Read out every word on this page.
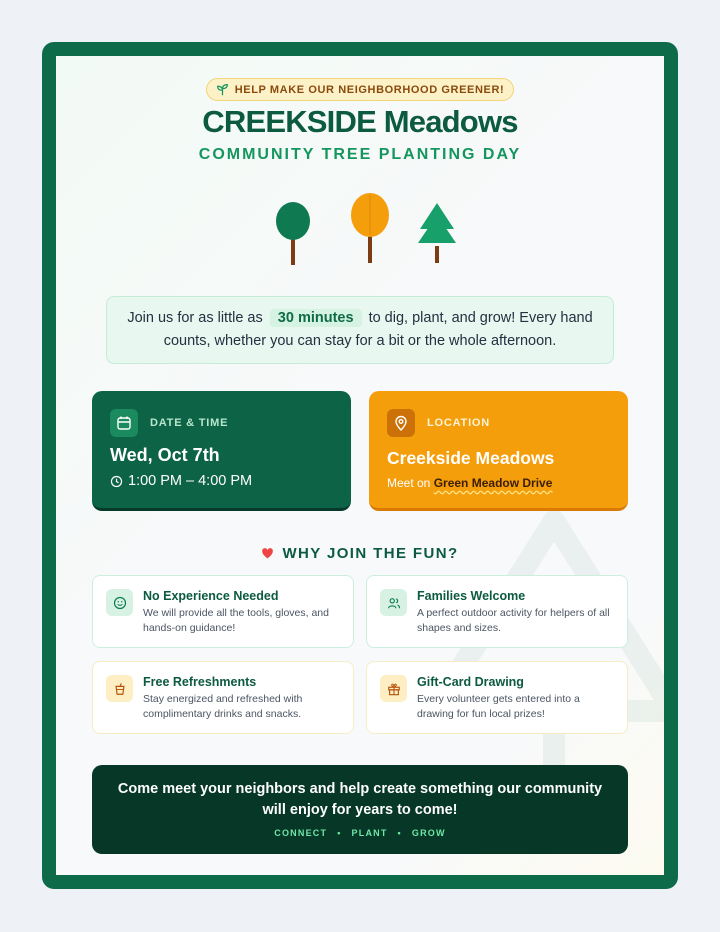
HELP MAKE OUR NEIGHBORHOOD GREENER!
CREEKSIDE Meadows
COMMUNITY TREE PLANTING DAY
Join us for as little as 30 minutes to dig, plant, and grow! Every hand counts, whether you can stay for a bit or the whole afternoon.
DATE & TIME
Wed, Oct 7th
1:00 PM – 4:00 PM
LOCATION
Creekside Meadows
Meet on Green Meadow Drive
WHY JOIN THE FUN?
No Experience Needed
We will provide all the tools, gloves, and hands-on guidance!
Families Welcome
A perfect outdoor activity for helpers of all shapes and sizes.
Free Refreshments
Stay energized and refreshed with complimentary drinks and snacks.
Gift-Card Drawing
Every volunteer gets entered into a drawing for fun local prizes!
Come meet your neighbors and help create something our community will enjoy for years to come!
CONNECT • PLANT • GROW
